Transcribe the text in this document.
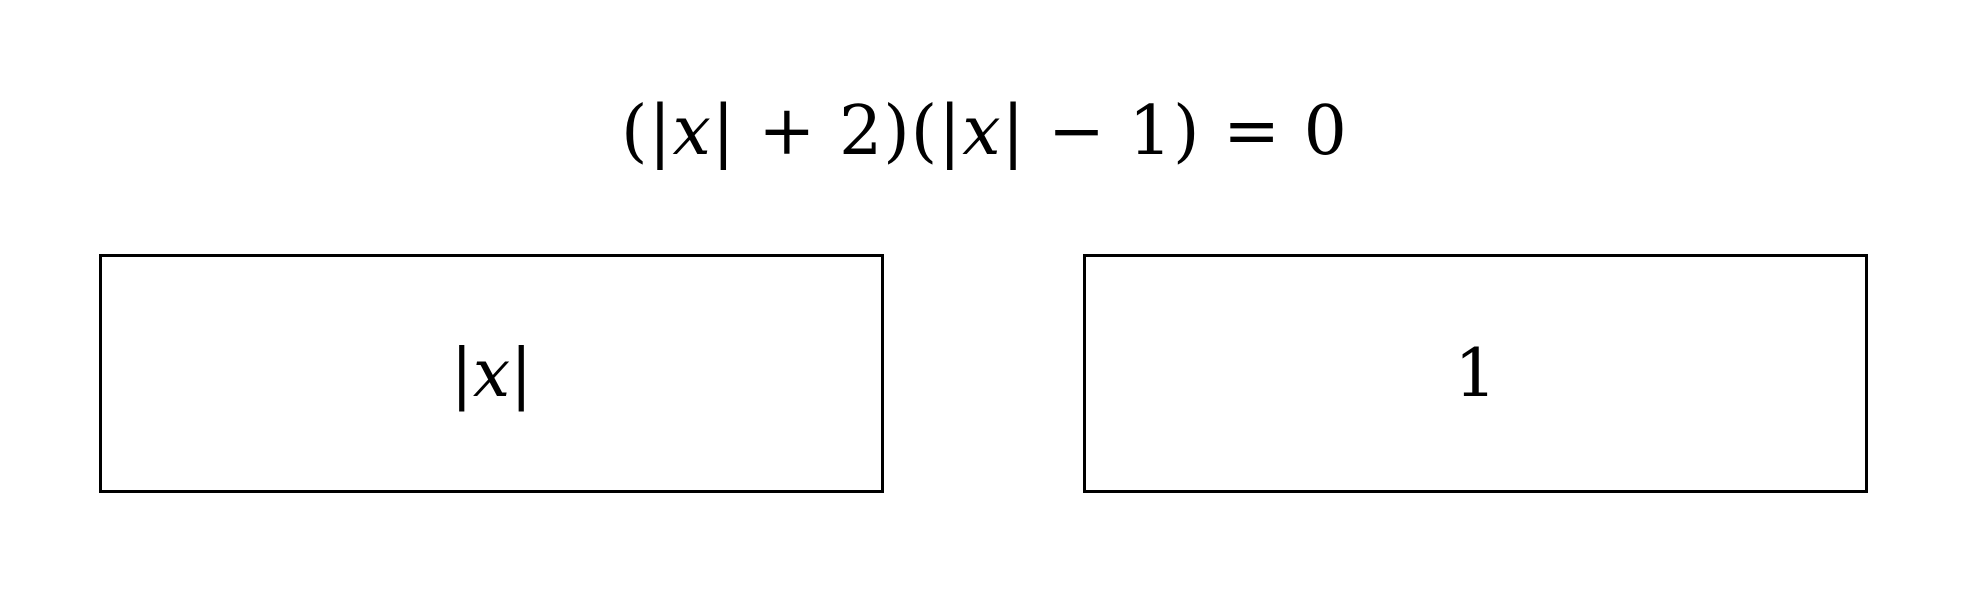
(|x| + 2)(|x| − 1) = 0
|x|	1
